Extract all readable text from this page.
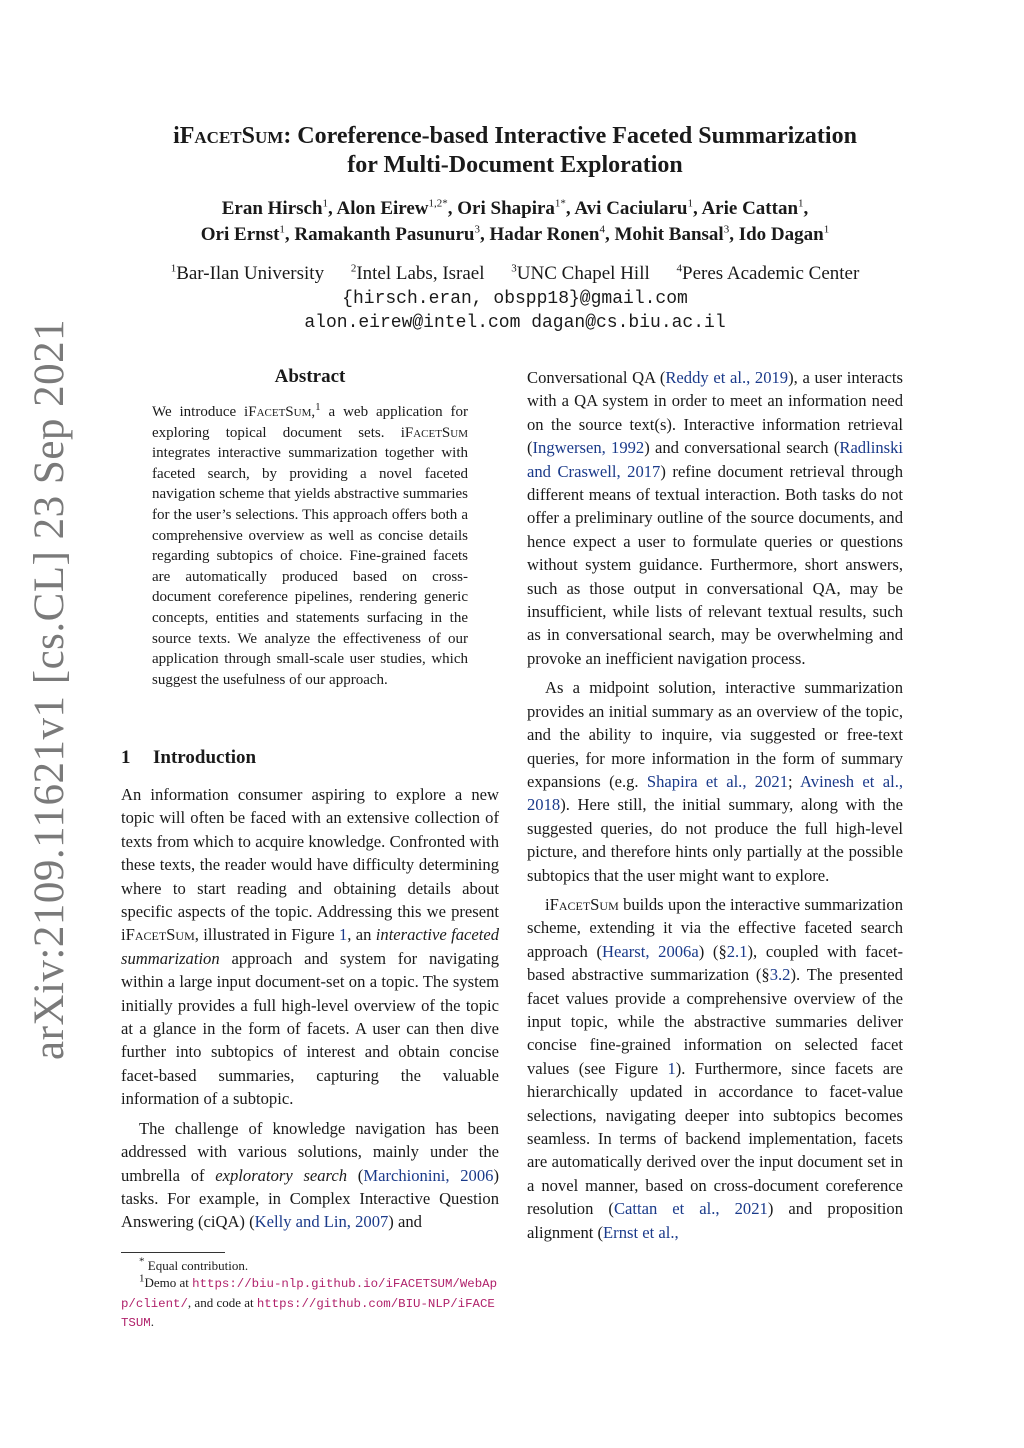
arXiv:2109.11621v1 [cs.CL] 23 Sep 2021
iFacetSum: Coreference-based Interactive Faceted Summarization
for Multi-Document Exploration
Eran Hirsch$^1$, Alon Eirew$^{1,2*}$, Ori Shapira$^{1*}$, Avi Caciularu$^1$, Arie Cattan$^1$,
Ori Ernst$^1$, Ramakanth Pasunuru$^3$, Hadar Ronen$^4$, Mohit Bansal$^3$, Ido Dagan$^1$
$^1$Bar-Ilan University $^2$Intel Labs, Israel $^3$UNC Chapel Hill $^4$Peres Academic Center
{hirsch.eran, obspp18}@gmail.com
alon.eirew@intel.com dagan@cs.biu.ac.il
Abstract
We introduce iFacetSum,$^1$ a web application for exploring topical document sets. iFacetSum integrates interactive summarization together with faceted search, by providing a novel faceted navigation scheme that yields abstractive summaries for the user’s selections. This approach offers both a comprehensive overview as well as concise details regarding subtopics of choice. Fine-grained facets are automatically produced based on cross-document coreference pipelines, rendering generic concepts, entities and statements surfacing in the source texts. We analyze the effectiveness of our application through small-scale user studies, which suggest the usefulness of our approach.
1 Introduction

An information consumer aspiring to explore a new topic will often be faced with an extensive collection of texts from which to acquire knowledge. Confronted with these texts, the reader would have difficulty determining where to start reading and obtaining details about specific aspects of the topic. Addressing this we present iFacetSum, illustrated in Figure 1, an interactive faceted summarization approach and system for navigating within a large input document-set on a topic. The system initially provides a full high-level overview of the topic at a glance in the form of facets. A user can then dive further into subtopics of interest and obtain concise facet-based summaries, capturing the valuable information of a subtopic.

The challenge of knowledge navigation has been addressed with various solutions, mainly under the umbrella of exploratory search (Marchionini, 2006) tasks. For example, in Complex Interactive Question Answering (ciQA) (Kelly and Lin, 2007) and

* Equal contribution.

$^1$Demo at https://biu-nlp.github.io/iFACETSUM/WebApp/client/, and code at https://github.com/BIU-NLP/iFACETSUM.

Conversational QA (Reddy et al., 2019), a user interacts with a QA system in order to meet an information need on the source text(s). Interactive information retrieval (Ingwersen, 1992) and conversational search (Radlinski and Craswell, 2017) refine document retrieval through different means of textual interaction. Both tasks do not offer a preliminary outline of the source documents, and hence expect a user to formulate queries or questions without system guidance. Furthermore, short answers, such as those output in conversational QA, may be insufficient, while lists of relevant textual results, such as in conversational search, may be overwhelming and provoke an inefficient navigation process.

As a midpoint solution, interactive summarization provides an initial summary as an overview of the topic, and the ability to inquire, via suggested or free-text queries, for more information in the form of summary expansions (e.g. Shapira et al., 2021; Avinesh et al., 2018). Here still, the initial summary, along with the suggested queries, do not produce the full high-level picture, and therefore hints only partially at the possible subtopics that the user might want to explore.

iFacetSum builds upon the interactive summarization scheme, extending it via the effective faceted search approach (Hearst, 2006a) (§2.1), coupled with facet-based abstractive summarization (§3.2). The presented facet values provide a comprehensive overview of the input topic, while the abstractive summaries deliver concise fine-grained information on selected facet values (see Figure 1). Furthermore, since facets are hierarchically updated in accordance to facet-value selections, navigating deeper into subtopics becomes seamless. In terms of backend implementation, facets are automatically derived over the input document set in a novel manner, based on cross-document coreference resolution (Cattan et al., 2021) and proposition alignment (Ernst et al.,
